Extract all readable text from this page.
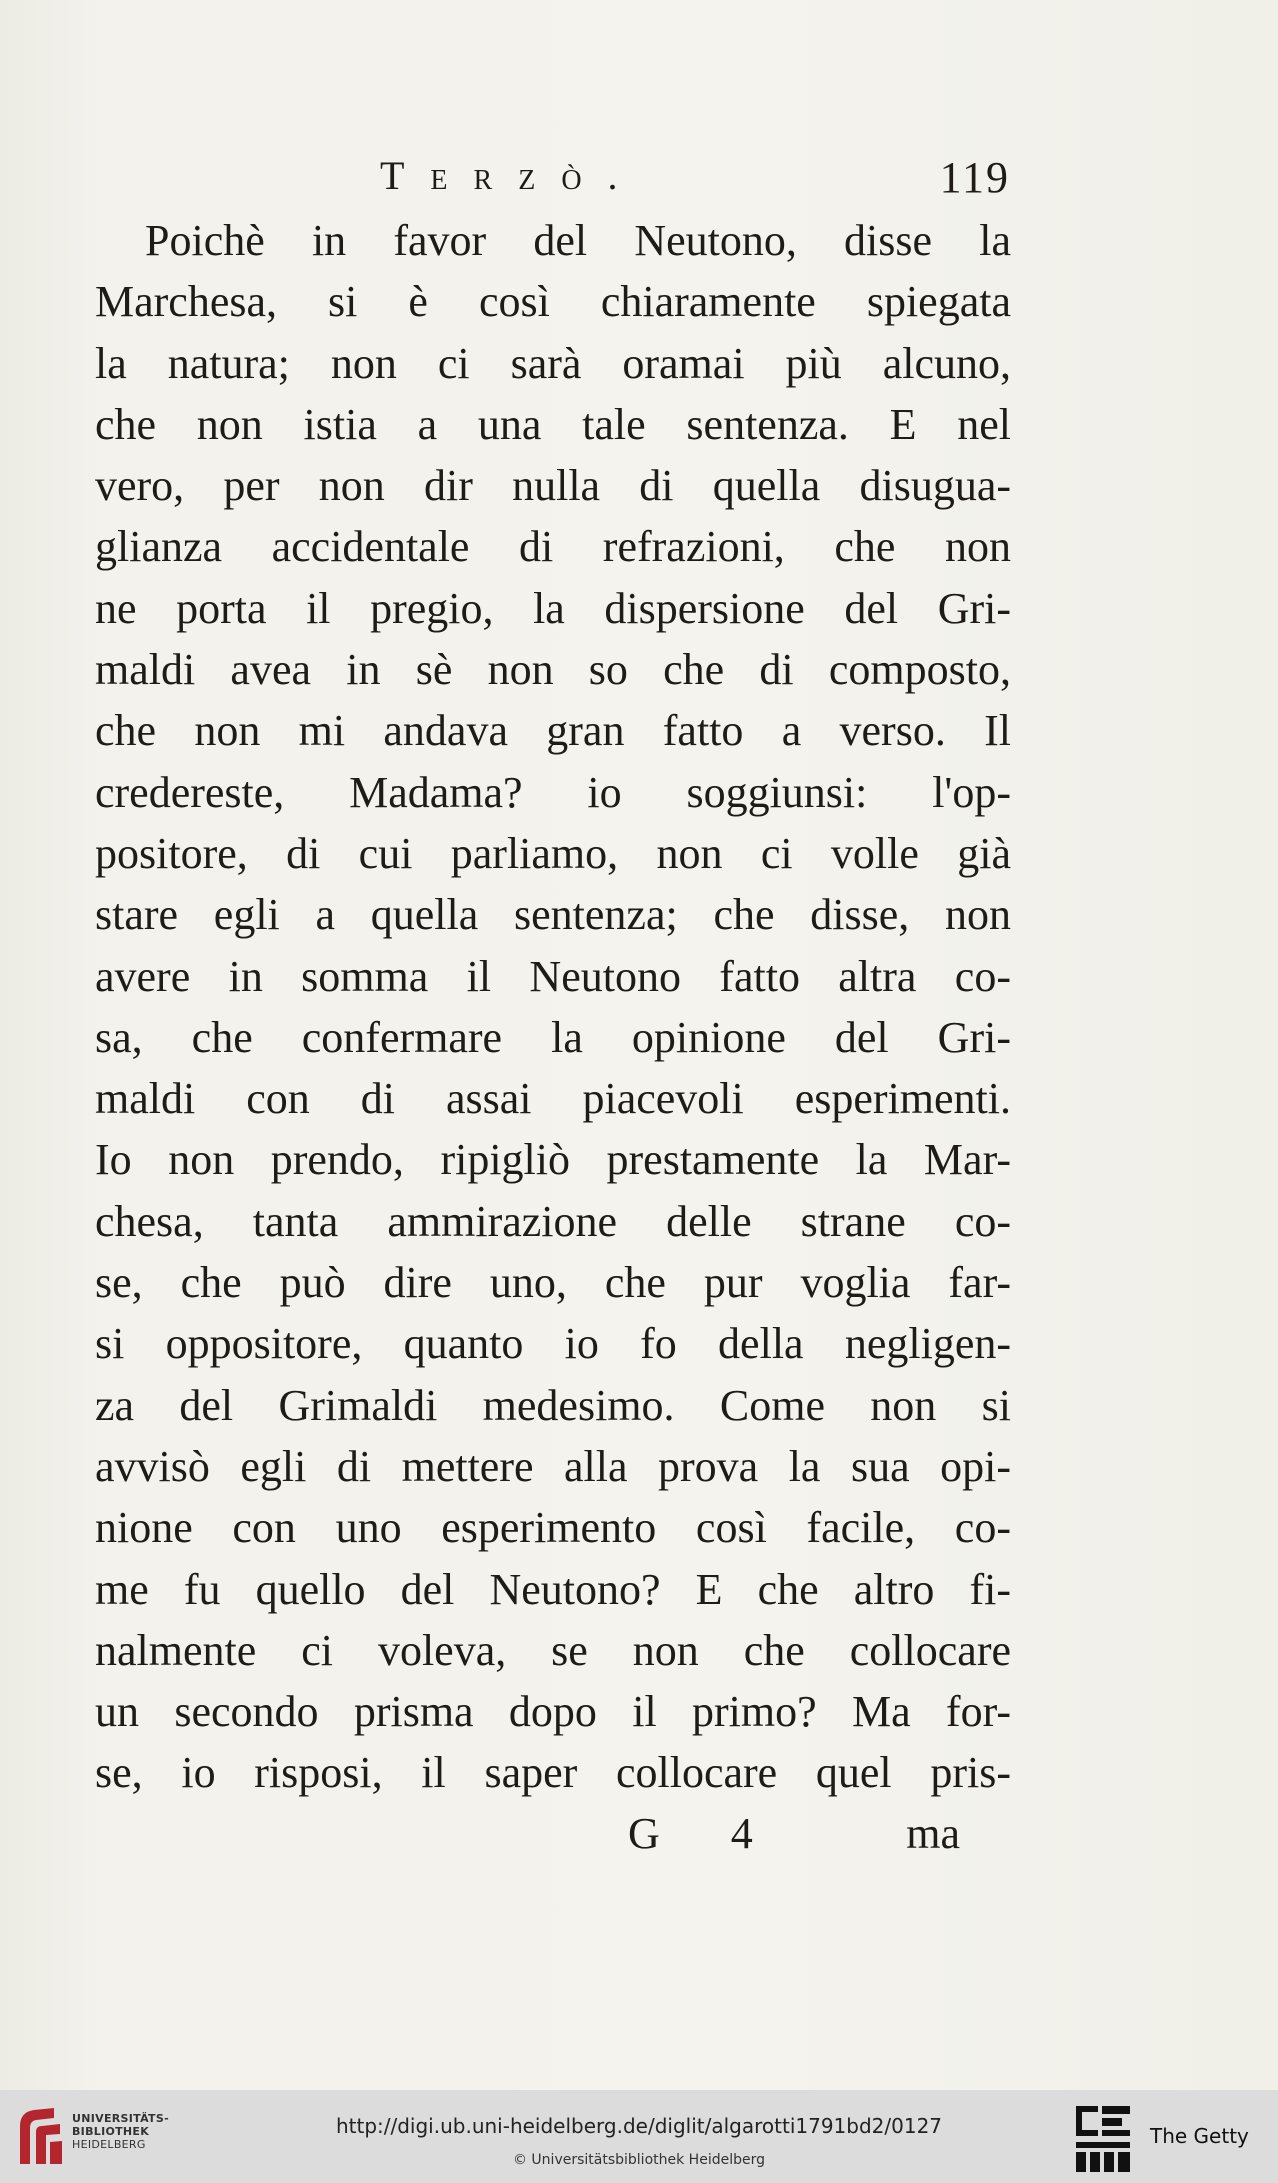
Terzò.	119
Poichè in favor del Neutono, disse la
Marchesa, si è così chiaramente spiegata
la natura; non ci sarà oramai più alcuno,
che non istia a una tale sentenza. E nel
vero, per non dir nulla di quella disugua-
glianza accidentale di refrazioni, che non
ne porta il pregio, la dispersione del Gri-
maldi avea in sè non so che di composto,
che non mi andava gran fatto a verso. Il
credereste, Madama? io soggiunsi: l'op-
positore, di cui parliamo, non ci volle già
stare egli a quella sentenza; che disse, non
avere in somma il Neutono fatto altra co-
sa, che confermare la opinione del Gri-
maldi con di assai piacevoli esperimenti.
Io non prendo, ripigliò prestamente la Mar-
chesa, tanta ammirazione delle strane co-
se, che può dire uno, che pur voglia far-
si oppositore, quanto io fo della negligen-
za del Grimaldi medesimo. Come non si
avvisò egli di mettere alla prova la sua opi-
nione con uno esperimento così facile, co-
me fu quello del Neutono? E che altro fi-
nalmente ci voleva, se non che collocare
un secondo prisma dopo il primo? Ma for-
se, io risposi, il saper collocare quel pris-
G 4	ma
UNIVERSITÄTS-
BIBLIOTHEK
HEIDELBERG
http://digi.ub.uni-heidelberg.de/diglit/algarotti1791bd2/0127
© Universitätsbibliothek Heidelberg
The Getty
